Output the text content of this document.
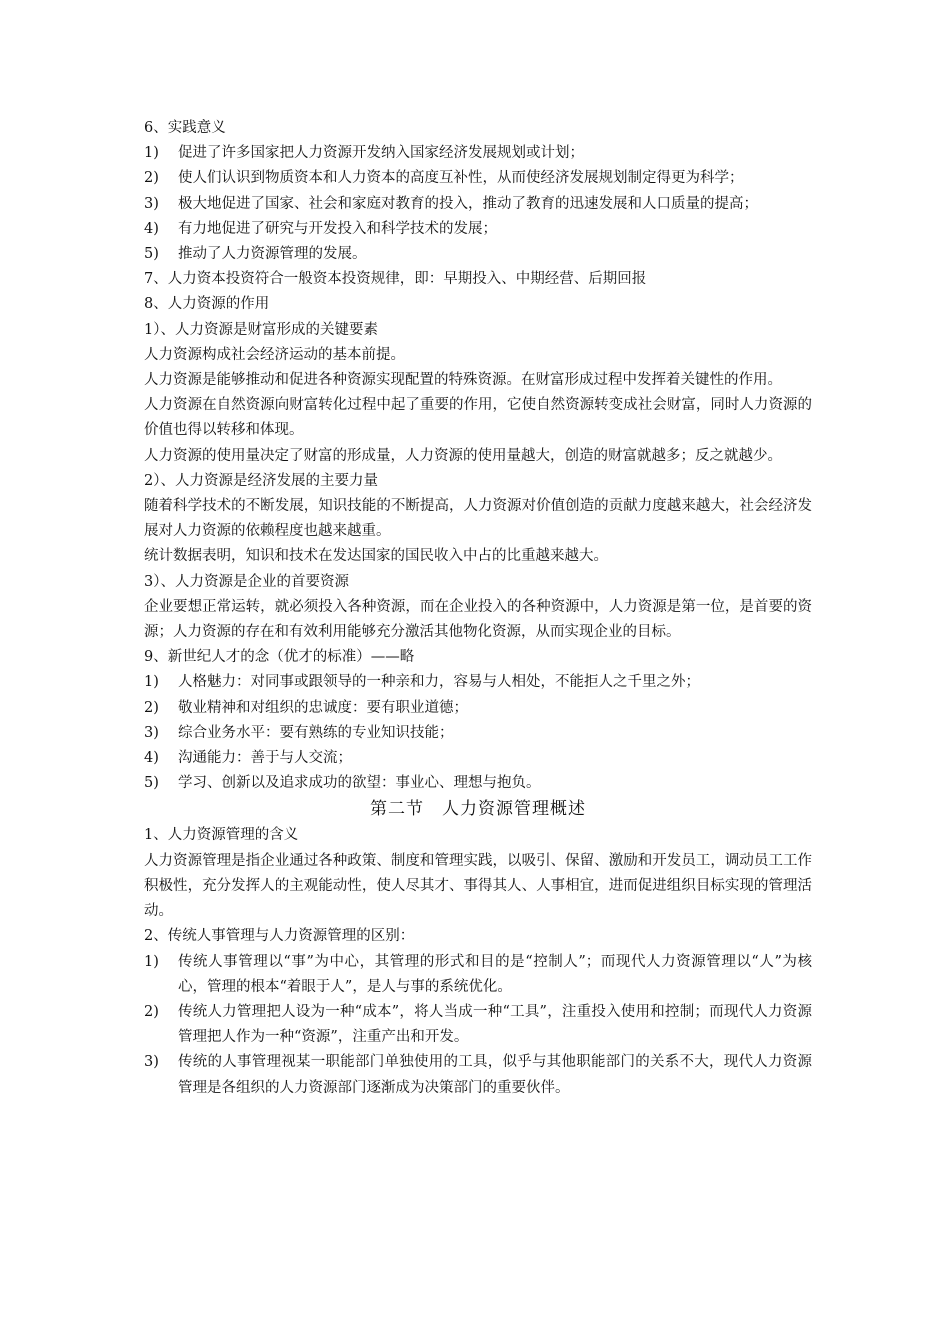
6、实践意义

1)	促进了许多国家把人力资源开发纳入国家经济发展规划或计划；
2)	使人们认识到物质资本和人力资本的高度互补性，从而使经济发展规划制定得更为科学；
3)	极大地促进了国家、社会和家庭对教育的投入，推动了教育的迅速发展和人口质量的提高；
4)	有力地促进了研究与开发投入和科学技术的发展；
5)	推动了人力资源管理的发展。

7、人力资本投资符合一般资本投资规律，即：早期投入、中期经营、后期回报

8、人力资源的作用

1）、人力资源是财富形成的关键要素

人力资源构成社会经济运动的基本前提。

人力资源是能够推动和促进各种资源实现配置的特殊资源。在财富形成过程中发挥着关键性的作用。

人力资源在自然资源向财富转化过程中起了重要的作用，它使自然资源转变成社会财富，同时人力资源的价值也得以转移和体现。

人力资源的使用量决定了财富的形成量，人力资源的使用量越大，创造的财富就越多；反之就越少。

2）、人力资源是经济发展的主要力量

随着科学技术的不断发展，知识技能的不断提高，人力资源对价值创造的贡献力度越来越大，社会经济发展对人力资源的依赖程度也越来越重。

统计数据表明，知识和技术在发达国家的国民收入中占的比重越来越大。

3）、人力资源是企业的首要资源

企业要想正常运转，就必须投入各种资源，而在企业投入的各种资源中，人力资源是第一位，是首要的资源；人力资源的存在和有效利用能够充分激活其他物化资源，从而实现企业的目标。

9、新世纪人才的念（优才的标准）——略

1)	人格魅力：对同事或跟领导的一种亲和力，容易与人相处，不能拒人之千里之外；
2)	敬业精神和对组织的忠诚度：要有职业道德；
3)	综合业务水平：要有熟练的专业知识技能；
4)	沟通能力：善于与人交流；
5)	学习、创新以及追求成功的欲望：事业心、理想与抱负。

第二节　人力资源管理概述

1、人力资源管理的含义

人力资源管理是指企业通过各种政策、制度和管理实践，以吸引、保留、激励和开发员工，调动员工工作积极性，充分发挥人的主观能动性，使人尽其才、事得其人、人事相宜，进而促进组织目标实现的管理活动。

2、传统人事管理与人力资源管理的区别：

1)	传统人事管理以“事”为中心，其管理的形式和目的是“控制人”；而现代人力资源管理以“人”为核心，管理的根本“着眼于人”，是人与事的系统优化。
2)	传统人力管理把人设为一种“成本”，将人当成一种“工具”，注重投入使用和控制；而现代人力资源管理把人作为一种“资源”，注重产出和开发。
3)	传统的人事管理视某一职能部门单独使用的工具，似乎与其他职能部门的关系不大，现代人力资源管理是各组织的人力资源部门逐渐成为决策部门的重要伙伴。
